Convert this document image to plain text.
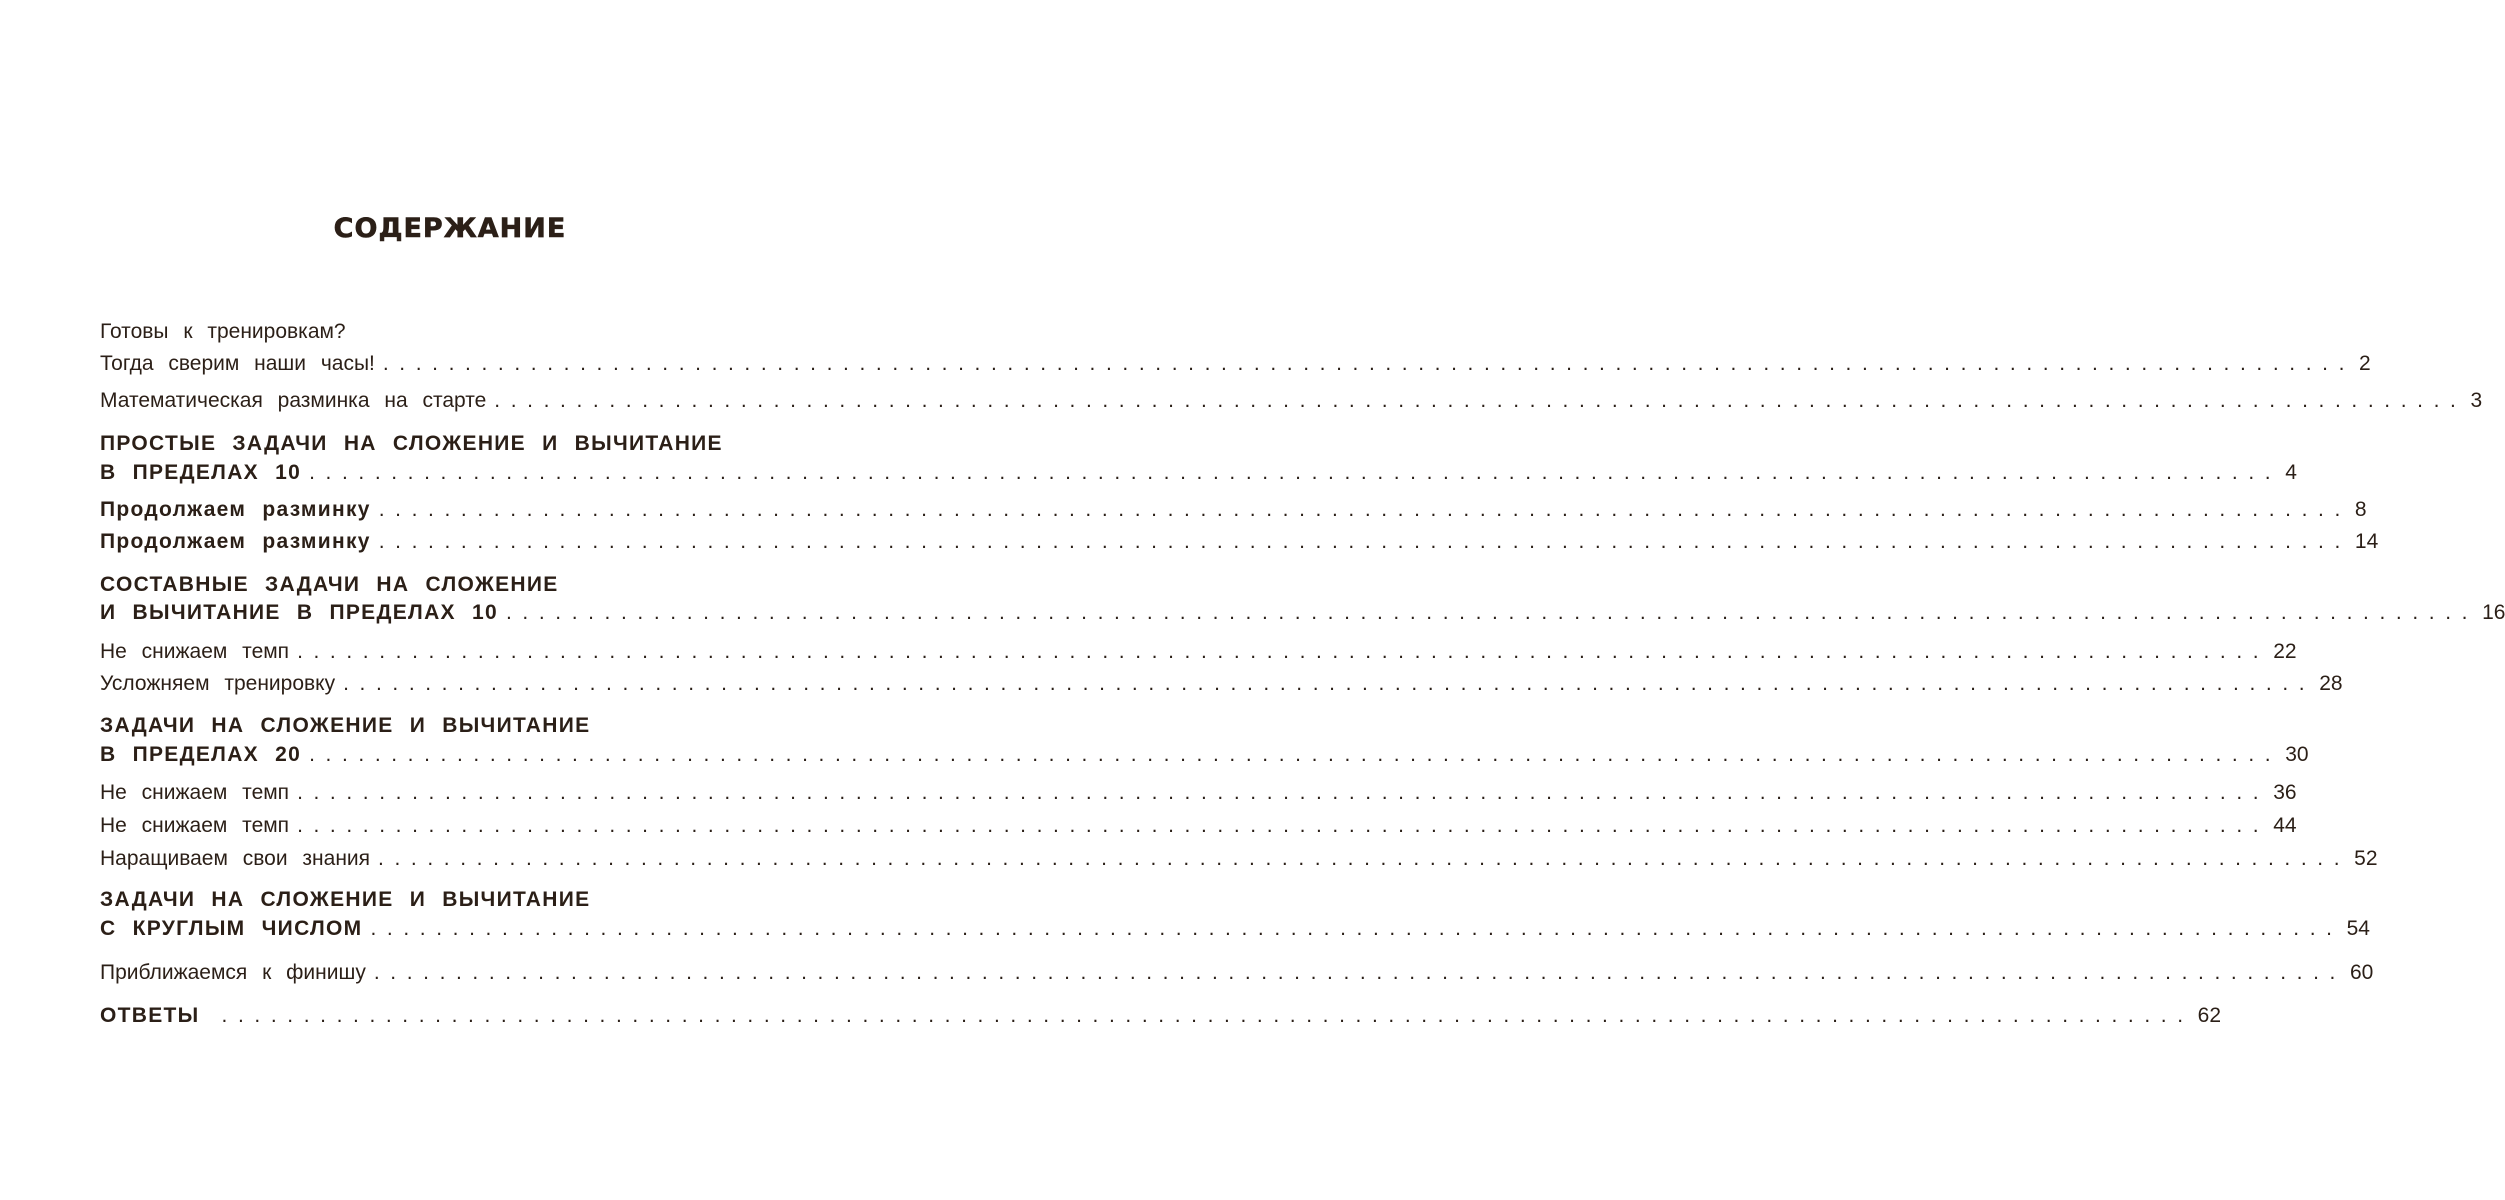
СОДЕРЖАНИЕ
Готовы к тренировкам?
Тогда сверим наши часы! ........................................................................................................................ 2
Математическая разминка на старте ........................................................................................................................ 3
ПРОСТЫЕ ЗАДАЧИ НА СЛОЖЕНИЕ И ВЫЧИТАНИЕ
В ПРЕДЕЛАХ 10 ........................................................................................................................ 4
Продолжаем разминку ........................................................................................................................ 8
Продолжаем разминку ........................................................................................................................ 14
СОСТАВНЫЕ ЗАДАЧИ НА СЛОЖЕНИЕ
И ВЫЧИТАНИЕ В ПРЕДЕЛАХ 10 ........................................................................................................................ 16
Не снижаем темп ........................................................................................................................ 22
Усложняем тренировку ........................................................................................................................ 28
ЗАДАЧИ НА СЛОЖЕНИЕ И ВЫЧИТАНИЕ
В ПРЕДЕЛАХ 20 ........................................................................................................................ 30
Не снижаем темп ........................................................................................................................ 36
Не снижаем темп ........................................................................................................................ 44
Наращиваем свои знания ........................................................................................................................ 52
ЗАДАЧИ НА СЛОЖЕНИЕ И ВЫЧИТАНИЕ
С КРУГЛЫМ ЧИСЛОМ ........................................................................................................................ 54
Приближаемся к финишу ........................................................................................................................ 60
ОТВЕТЫ	........................................................................................................................ 62
